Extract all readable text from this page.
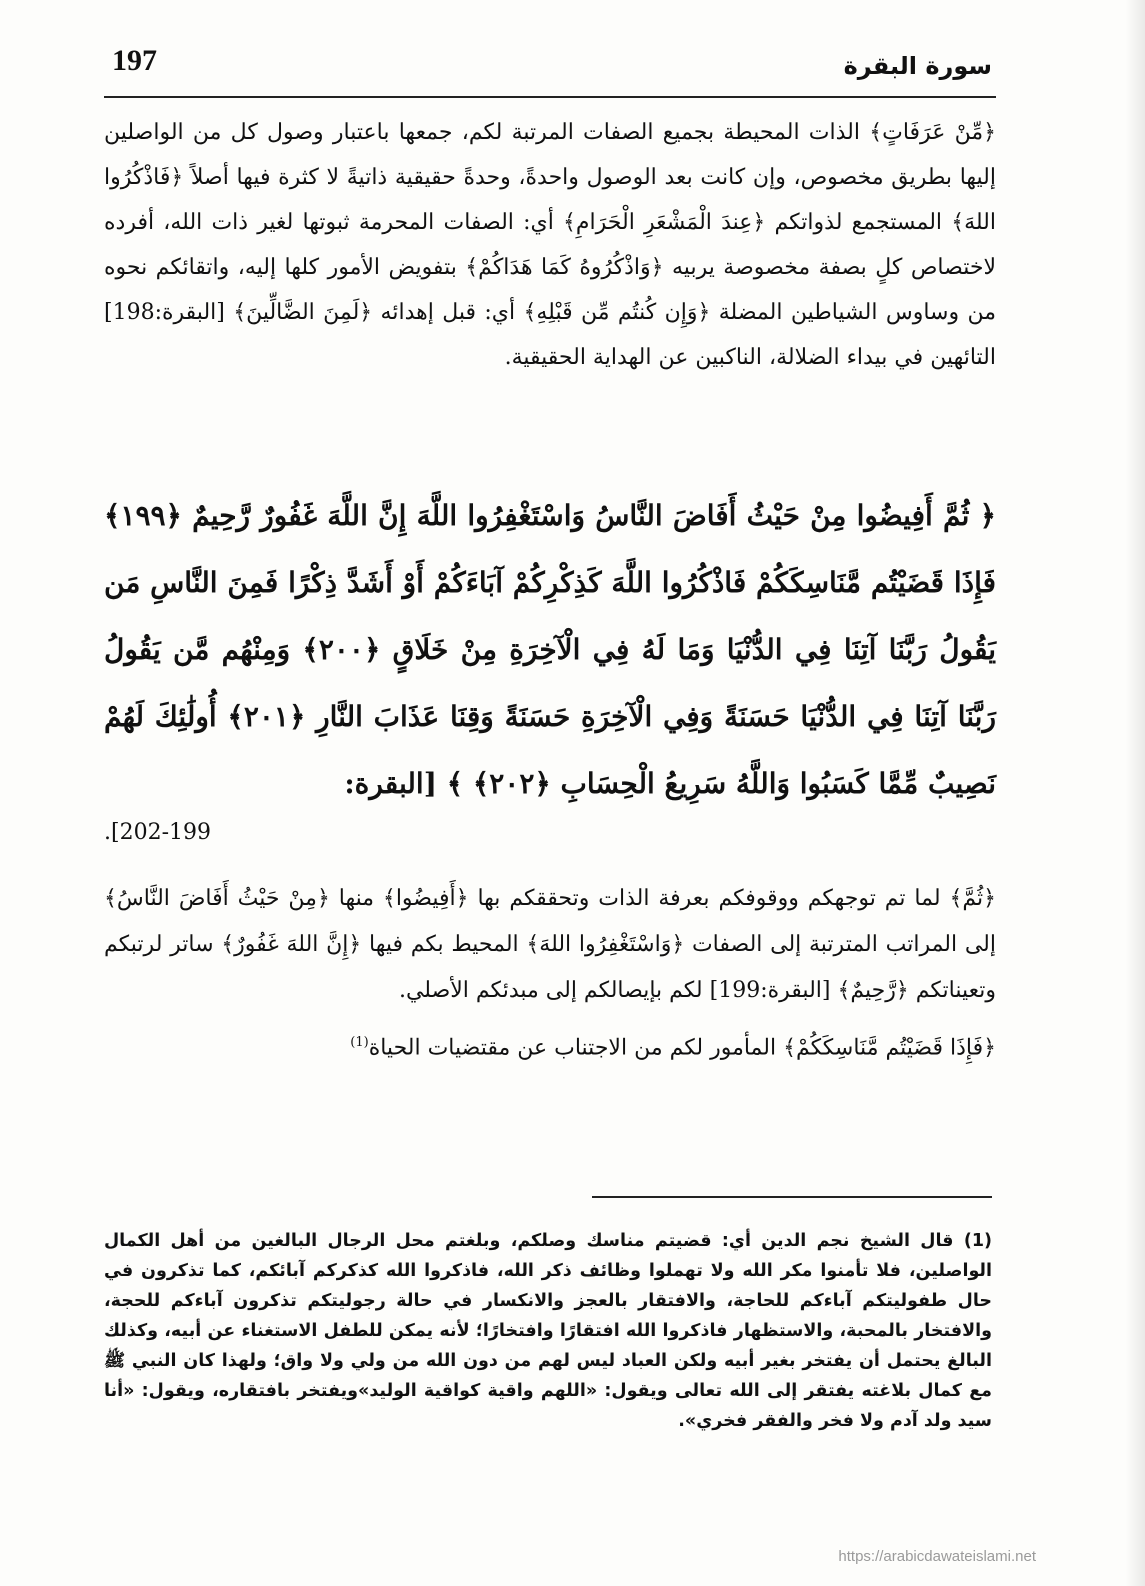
197	سورة البقرة
﴿مِّنْ عَرَفَاتٍ﴾ الذات المحيطة بجميع الصفات المرتبة لكم، جمعها باعتبار وصول كل من الواصلين إليها بطريق مخصوص، وإن كانت بعد الوصول واحدةً، وحدةً حقيقية ذاتيةً لا كثرة فيها أصلاً ﴿فَاذْكُرُوا اللهَ﴾ المستجمع لذواتكم ﴿عِندَ الْمَشْعَرِ الْحَرَامِ﴾ أي: الصفات المحرمة ثبوتها لغير ذات الله، أفرده لاختصاص كلٍ بصفة مخصوصة يربيه ﴿وَاذْكُرُوهُ كَمَا هَدَاكُمْ﴾ بتفويض الأمور كلها إليه، واتقائكم نحوه من وساوس الشياطين المضلة ﴿وَإِن كُنتُم مِّن قَبْلِهِ﴾ أي: قبل إهدائه ﴿لَمِنَ الضَّالِّينَ﴾ [البقرة:198] التائهين في بيداء الضلالة، الناكبين عن الهداية الحقيقية.
﴿ ثُمَّ أَفِيضُوا مِنْ حَيْثُ أَفَاضَ النَّاسُ وَاسْتَغْفِرُوا اللَّهَ إِنَّ اللَّهَ غَفُورٌ رَّحِيمٌ ﴿١٩٩﴾ فَإِذَا قَضَيْتُم مَّنَاسِكَكُمْ فَاذْكُرُوا اللَّهَ كَذِكْرِكُمْ آبَاءَكُمْ أَوْ أَشَدَّ ذِكْرًا فَمِنَ النَّاسِ مَن يَقُولُ رَبَّنَا آتِنَا فِي الدُّنْيَا وَمَا لَهُ فِي الْآخِرَةِ مِنْ خَلَاقٍ ﴿٢٠٠﴾ وَمِنْهُم مَّن يَقُولُ رَبَّنَا آتِنَا فِي الدُّنْيَا حَسَنَةً وَفِي الْآخِرَةِ حَسَنَةً وَقِنَا عَذَابَ النَّارِ ﴿٢٠١﴾ أُولَٰئِكَ لَهُمْ نَصِيبٌ مِّمَّا كَسَبُوا وَاللَّهُ سَرِيعُ الْحِسَابِ ﴿٢٠٢﴾ ﴾ [البقرة:
202-199].

﴿ثُمَّ﴾ لما تم توجهكم ووقوفكم بعرفة الذات وتحققكم بها ﴿أَفِيضُوا﴾ منها ﴿مِنْ حَيْثُ أَفَاضَ النَّاسُ﴾ إلى المراتب المترتبة إلى الصفات ﴿وَاسْتَغْفِرُوا اللهَ﴾ المحيط بكم فيها ﴿إِنَّ اللهَ غَفُورٌ﴾ ساتر لرتبكم وتعيناتكم ﴿رَّحِيمٌ﴾ [البقرة:199] لكم بإيصالكم إلى مبدئكم الأصلي.

﴿فَإِذَا قَضَيْتُم مَّنَاسِكَكُمْ﴾ المأمور لكم من الاجتناب عن مقتضيات الحياة$^{(1)}$

(1) قال الشيخ نجم الدين أي: قضيتم مناسك وصلكم، وبلغتم محل الرجال البالغين من أهل الكمال الواصلين، فلا تأمنوا مكر الله ولا تهملوا وظائف ذكر الله، فاذكروا الله كذكركم آبائكم، كما تذكرون في حال طفوليتكم آباءكم للحاجة، والافتقار بالعجز والانكسار في حالة رجوليتكم تذكرون آباءكم للحجة، والافتخار بالمحبة، والاستظهار فاذكروا الله افتقارًا وافتخارًا؛ لأنه يمكن للطفل الاستغناء عن أبيه، وكذلك البالغ يحتمل أن يفتخر بغير أبيه ولكن العباد ليس لهم من دون الله من ولي ولا واق؛ ولهذا كان النبي ﷺ مع كمال بلاغته يفتقر إلى الله تعالى ويقول: «اللهم واقية كواقية الوليد»ويفتخر بافتقاره، ويقول: «أنا سيد ولد آدم ولا فخر والفقر فخري».
https://arabicdawateislami.net
